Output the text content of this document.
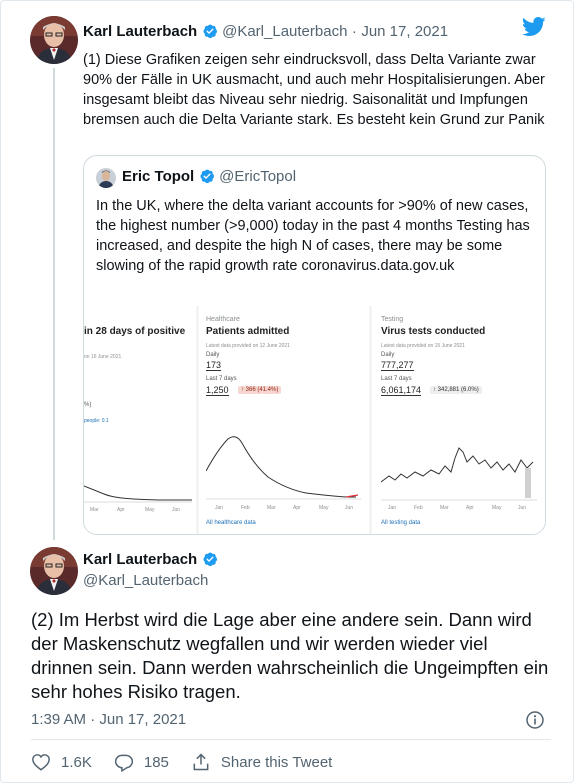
Karl Lauterbach @Karl_Lauterbach · Jun 17, 2021
(1) Diese Grafiken zeigen sehr eindrucksvoll, dass Delta Variante zwar 90% der Fälle in UK ausmacht, und auch mehr Hospitalisierungen. Aber insgesamt bleibt das Niveau sehr niedrig. Saisonalität und Impfungen bremsen auch die Delta Variante stark. Es besteht kein Grund zur Panik
Eric Topol @EricTopol
In the UK, where the delta variant accounts for >90% of new cases, the highest number (>9,000) today in the past 4 months Testing has increased, and despite the high N of cases, there may be some slowing of the rapid growth rate coronavirus.data.gov.uk
in 28 days of positive
on 16 June 2021
%)
people: 0.1
Mar	Apr	May	Jun
Healthcare
Patients admitted
Latest data provided on 12 June 2021
Daily
173
Last 7 days
1,250	↑ 366 (41.4%)
Jan	Feb	Mar	Apr	May	Jun
All healthcare data
Testing
Virus tests conducted
Latest data provided on 15 June 2021
Daily
777,277
Last 7 days
6,061,174	↑ 342,881 (6.0%)
Jan	Feb	Mar	Apr	May	Jun
All testing data
Karl Lauterbach
@Karl_Lauterbach
(2) Im Herbst wird die Lage aber eine andere sein. Dann wird der Maskenschutz wegfallen und wir werden wieder viel drinnen sein. Dann werden wahrscheinlich die Ungeimpften ein sehr hohes Risiko tragen.
1:39 AM · Jun 17, 2021
1.6K	185	Share this Tweet
